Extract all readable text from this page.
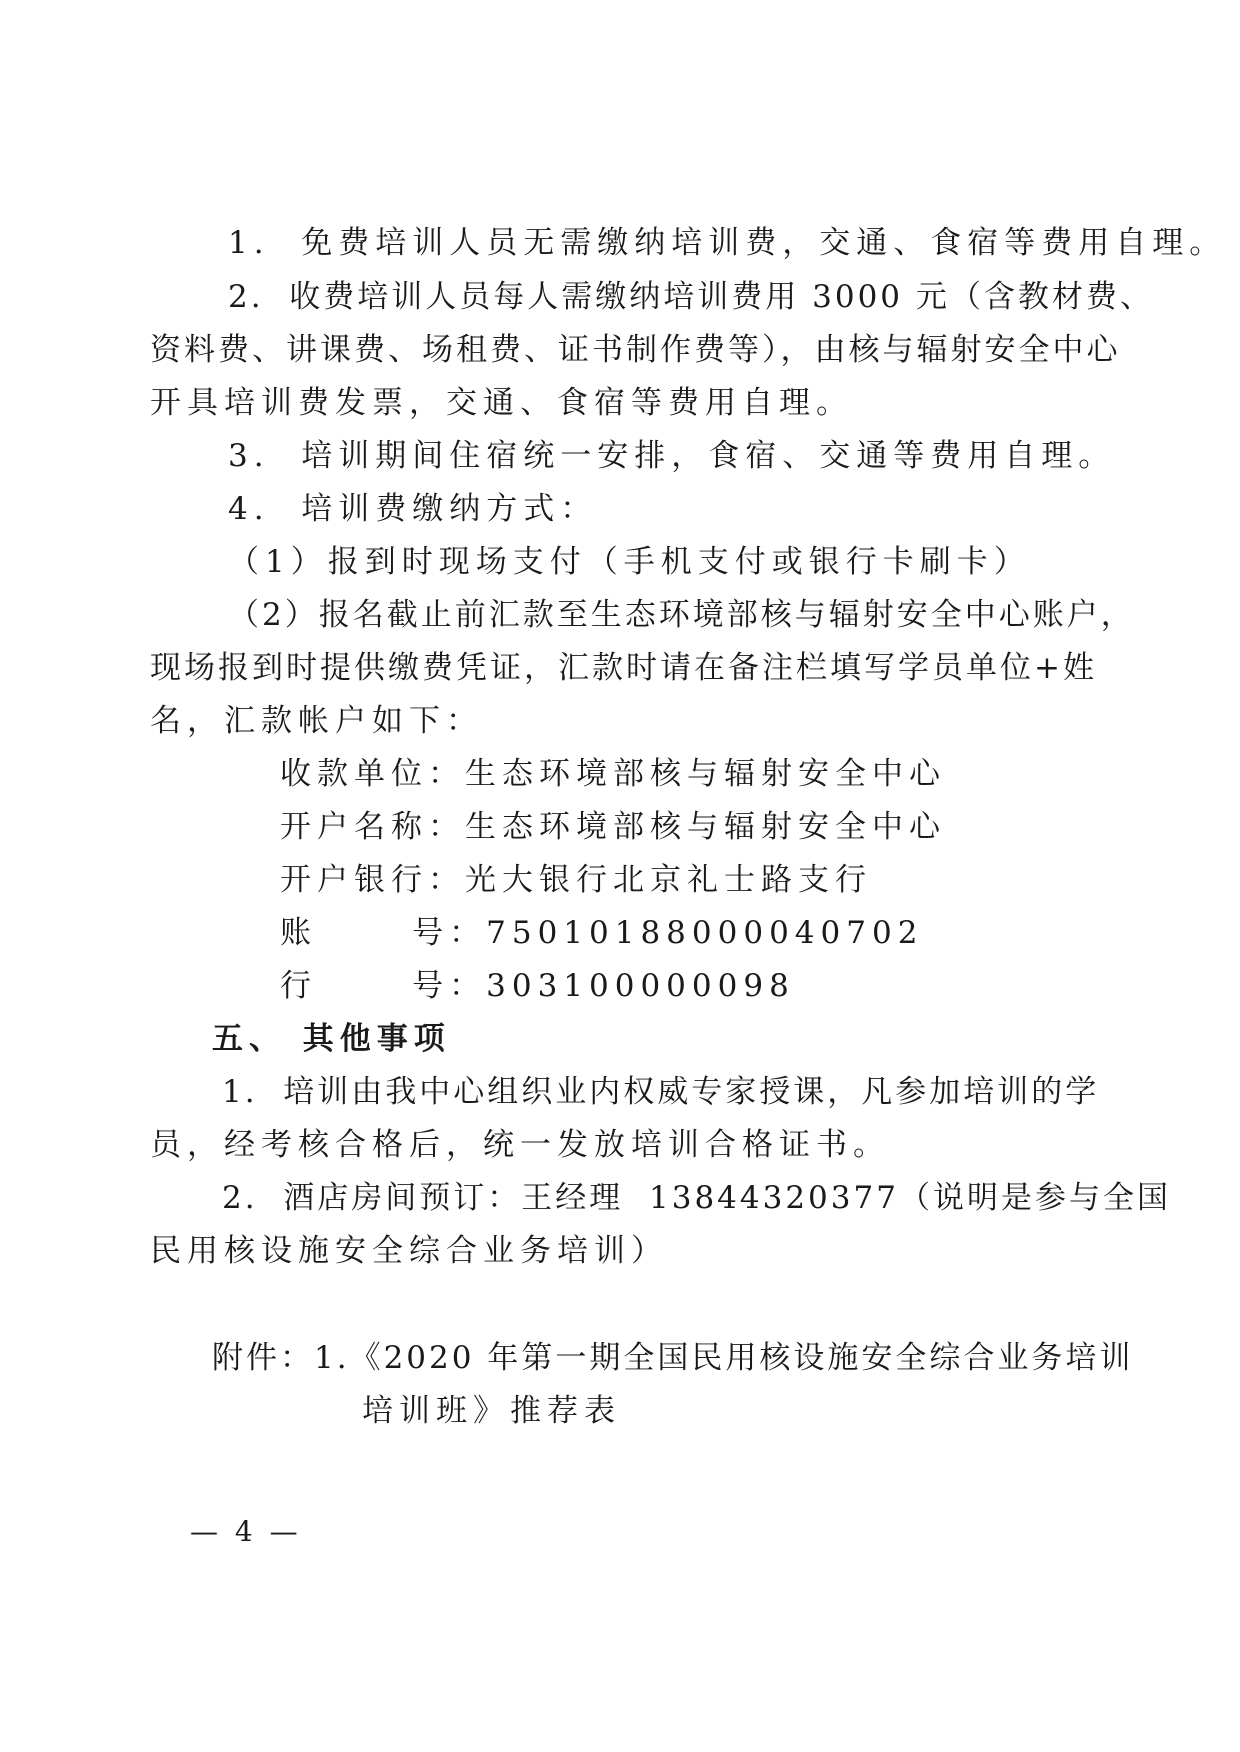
1.  免费培训人员无需缴纳培训费，交通、食宿等费用自理。
2.  收费培训人员每人需缴纳培训费用 3000 元（含教材费、
资料费、讲课费、场租费、证书制作费等），由核与辐射安全中心
开具培训费发票，交通、食宿等费用自理。
3.  培训期间住宿统一安排，食宿、交通等费用自理。
4.  培训费缴纳方式：
（1）报到时现场支付（手机支付或银行卡刷卡）
（2）报名截止前汇款至生态环境部核与辐射安全中心账户，
现场报到时提供缴费凭证，汇款时请在备注栏填写学员单位+姓
名，汇款帐户如下：
收款单位：生态环境部核与辐射安全中心
开户名称：生态环境部核与辐射安全中心
开户银行：光大银行北京礼士路支行
账      号：75010188000040702
行      号：303100000098
五、 其他事项
1.  培训由我中心组织业内权威专家授课，凡参加培训的学
员，经考核合格后，统一发放培训合格证书。
2.  酒店房间预订：王经理  13844320377（说明是参与全国
民用核设施安全综合业务培训）
附件：1.《2020 年第一期全国民用核设施安全综合业务培训
培训班》推荐表
— 4 —
